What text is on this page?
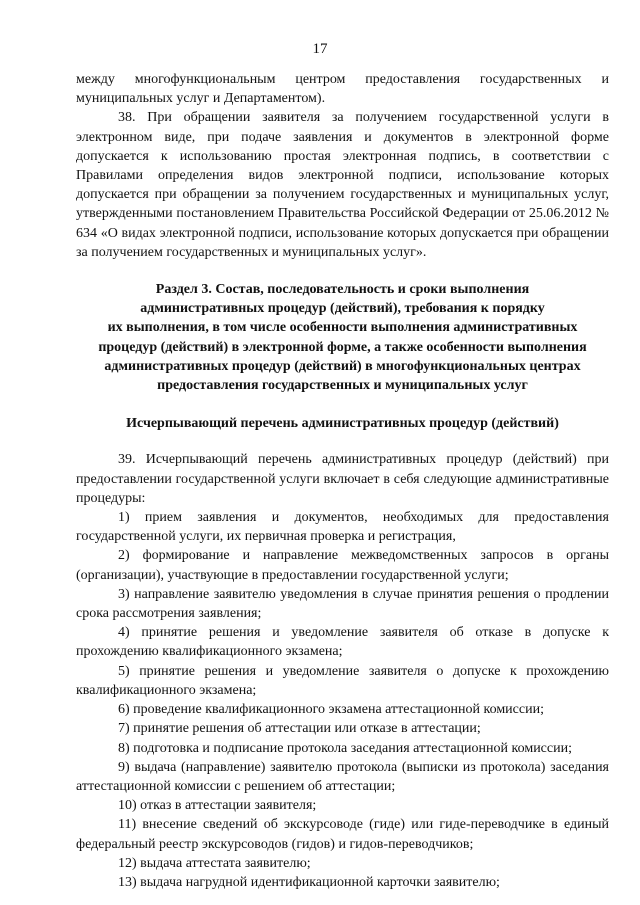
17

между многофункциональным центром предоставления государственных и муниципальных услуг и Департаментом).

38. При обращении заявителя за получением государственной услуги в электронном виде, при подаче заявления и документов в электронной форме допускается к использованию простая электронная подпись, в соответствии с Правилами определения видов электронной подписи, использование которых допускается при обращении за получением государственных и муниципальных услуг, утвержденными постановлением Правительства Российской Федерации от 25.06.2012 № 634 «О видах электронной подписи, использование которых допускается при обращении за получением государственных и муниципальных услуг».

Раздел 3. Состав, последовательность и сроки выполнения
административных процедур (действий), требования к порядку
их выполнения, в том числе особенности выполнения административных
процедур (действий) в электронной форме, а также особенности выполнения
административных процедур (действий) в многофункциональных центрах
предоставления государственных и муниципальных услуг
Исчерпывающий перечень административных процедур (действий)

39. Исчерпывающий перечень административных процедур (действий) при предоставлении государственной услуги включает в себя следующие административные процедуры:

1) прием заявления и документов, необходимых для предоставления государственной услуги, их первичная проверка и регистрация,

2) формирование и направление межведомственных запросов в органы (организации), участвующие в предоставлении государственной услуги;

3) направление заявителю уведомления в случае принятия решения о продлении срока рассмотрения заявления;

4) принятие решения и уведомление заявителя об отказе в допуске к прохождению квалификационного экзамена;

5) принятие решения и уведомление заявителя о допуске к прохождению квалификационного экзамена;

6) проведение квалификационного экзамена аттестационной комиссии;

7) принятие решения об аттестации или отказе в аттестации;

8) подготовка и подписание протокола заседания аттестационной комиссии;

9) выдача (направление) заявителю протокола (выписки из протокола) заседания аттестационной комиссии с решением об аттестации;

10) отказ в аттестации заявителя;

11) внесение сведений об экскурсоводе (гиде) или гиде-переводчике в единый федеральный реестр экскурсоводов (гидов) и гидов-переводчиков;

12) выдача аттестата заявителю;

13) выдача нагрудной идентификационной карточки заявителю;
